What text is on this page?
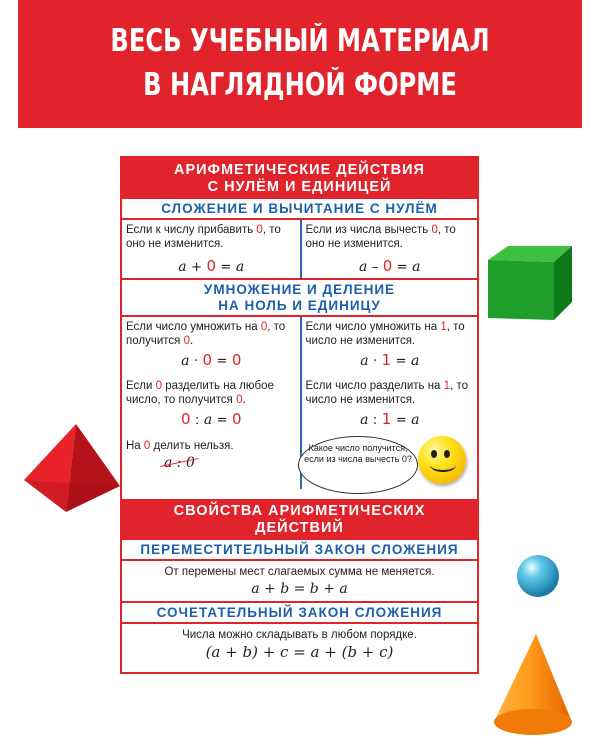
ВЕСЬ УЧЕБНЫЙ МАТЕРИАЛ
В НАГЛЯДНОЙ ФОРМЕ
АРИФМЕТИЧЕСКИЕ ДЕЙСТВИЯ
С НУЛЁМ И ЕДИНИЦЕЙ
СЛОЖЕНИЕ И ВЫЧИТАНИЕ С НУЛЁМ
Если к числу прибавить 0, то оно не изменится.
a + 0 = a
Если из числа вычесть 0, то оно не изменится.
a – 0 = a
УМНОЖЕНИЕ И ДЕЛЕНИЕ
НА НОЛЬ И ЕДИНИЦУ
Если число умножить на 0, то получится 0.
a · 0 = 0
Если 0 разделить на любое число, то получится 0.
0 : a = 0
На 0 делить нельзя.
a : 0
Если число умножить на 1, то число не изменится.
a · 1 = a
Если число разделить на 1, то число не изменится.
a : 1 = a
СВОЙСТВА АРИФМЕТИЧЕСКИХ
ДЕЙСТВИЙ
ПЕРЕМЕСТИТЕЛЬНЫЙ ЗАКОН СЛОЖЕНИЯ
От перемены мест слагаемых сумма не меняется.
a + b = b + a
СОЧЕТАТЕЛЬНЫЙ ЗАКОН СЛОЖЕНИЯ
Числа можно складывать в любом порядке.
(a + b) + c = a + (b + c)
Какое число получится, если из числа вычесть 0?
